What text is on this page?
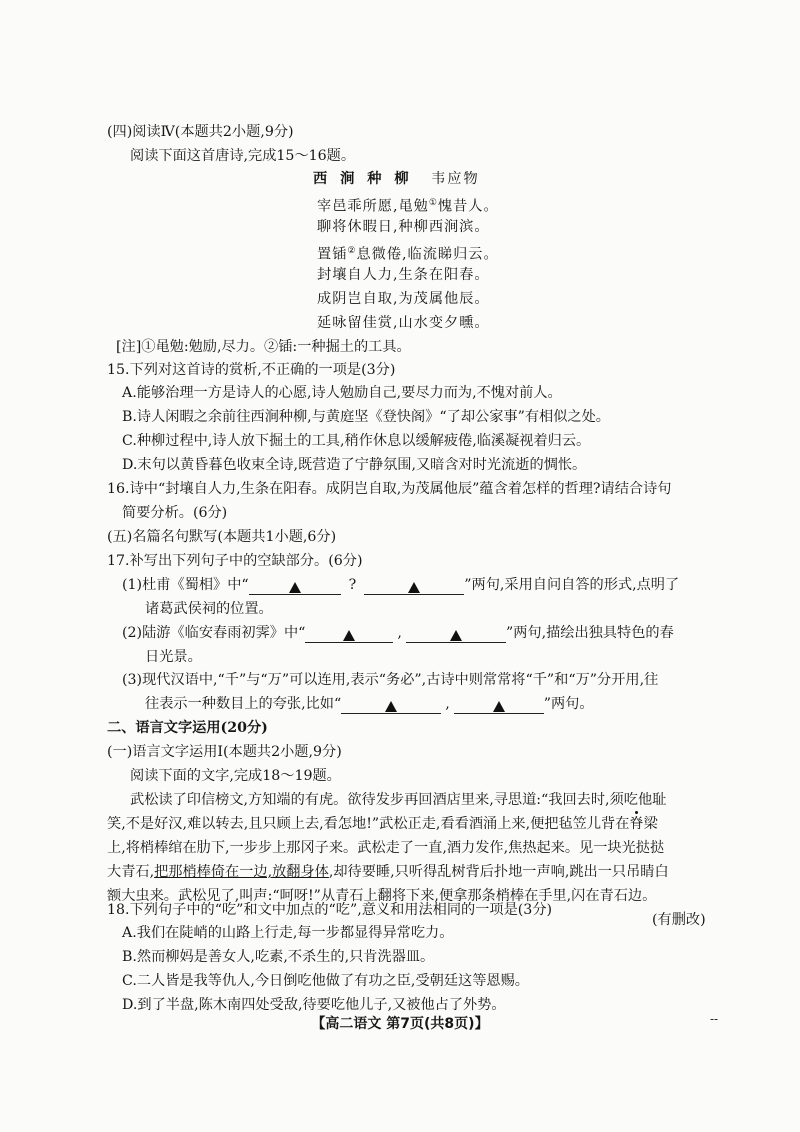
(四)阅读Ⅳ(本题共2小题,9分)
阅读下面这首唐诗,完成15～16题。
西 涧 种 柳 韦应物
宰邑乖所愿,黾勉①愧昔人。
聊将休暇日,种柳西涧滨。
置锸②息微倦,临流睇归云。
封壤自人力,生条在阳春。
成阴岂自取,为茂属他辰。
延咏留佳赏,山水变夕曛。
[注]①黾勉:勉励,尽力。②锸:一种掘土的工具。
15.下列对这首诗的赏析,不正确的一项是(3分)
A.能够治理一方是诗人的心愿,诗人勉励自己,要尽力而为,不愧对前人。
B.诗人闲暇之余前往西涧种柳,与黄庭坚《登快阁》“了却公家事”有相似之处。
C.种柳过程中,诗人放下掘土的工具,稍作休息以缓解疲倦,临溪凝视着归云。
D.末句以黄昏暮色收束全诗,既营造了宁静氛围,又暗含对时光流逝的惆怅。
16.诗中“封壤自人力,生条在阳春。成阴岂自取,为茂属他辰”蕴含着怎样的哲理?请结合诗句
简要分析。(6分)
(五)名篇名句默写(本题共1小题,6分)
17.补写出下列句子中的空缺部分。(6分)
(1)杜甫《蜀相》中“	?	”两句,采用自问自答的形式,点明了
诸葛武侯祠的位置。
(2)陆游《临安春雨初霁》中“	,	”两句,描绘出独具特色的春
日光景。
(3)现代汉语中,“千”与“万”可以连用,表示“务必”,古诗中则常常将“千”和“万”分开用,往
往表示一种数目上的夸张,比如“	,	”两句。
二、语言文字运用(20分)
(一)语言文字运用Ⅰ(本题共2小题,9分)
阅读下面的文字,完成18～19题。
武松读了印信榜文,方知端的有虎。欲待发步再回酒店里来,寻思道:“我回去时,须吃他耻
笑,不是好汉,难以转去,且只顾上去,看怎地!”武松正走,看看酒涌上来,便把毡笠儿背在脊梁
上,将梢棒绾在肋下,一步步上那冈子来。武松走了一直,酒力发作,焦热起来。见一块光挞挞
大青石,把那梢棒倚在一边,放翻身体,却待要睡,只听得乱树背后扑地一声响,跳出一只吊睛白
额大虫来。武松见了,叫声:“呵呀!”从青石上翻将下来,便拿那条梢棒在手里,闪在青石边。
(有删改)
18.下列句子中的“吃”和文中加点的“吃”,意义和用法相同的一项是(3分)
【高二语文 第7页(共8页)】	--
A.我们在陡峭的山路上行走,每一步都显得异常吃力。
B.然而柳妈是善女人,吃素,不杀生的,只肯洗器皿。
C.二人皆是我等仇人,今日倒吃他做了有功之臣,受朝廷这等恩赐。
D.到了半盘,陈木南四处受敌,待要吃他儿子,又被他占了外势。
